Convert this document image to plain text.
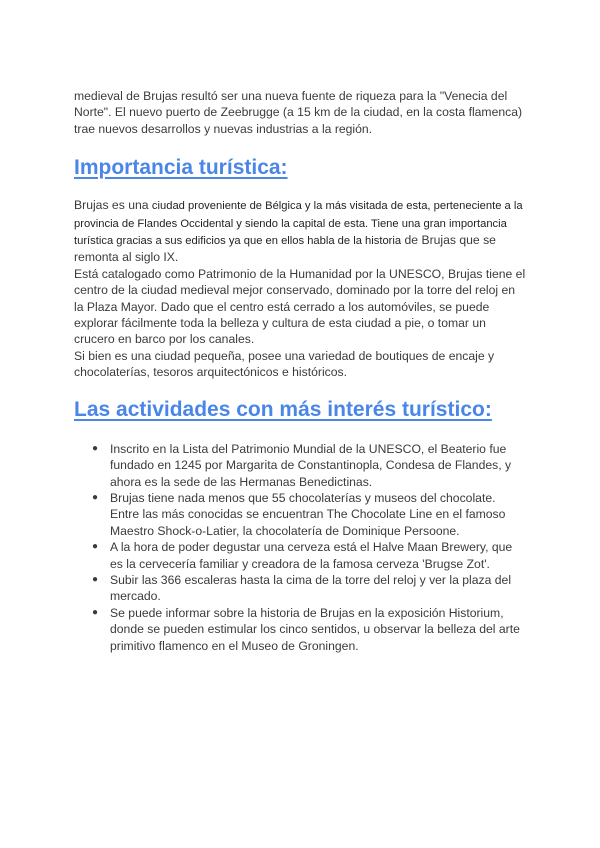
medieval de Brujas resultó ser una nueva fuente de riqueza para la "Venecia del Norte". El nuevo puerto de Zeebrugge (a 15 km de la ciudad, en la costa flamenca) trae nuevos desarrollos y nuevas industrias a la región.

Importancia turística:

Brujas es una ciudad proveniente de Bélgica y la más visitada de esta, perteneciente a la provincia de Flandes Occidental y siendo la capital de esta. Tiene una gran importancia turística gracias a sus edificios ya que en ellos habla de la historia de Brujas que se remonta al siglo IX.

Está catalogado como Patrimonio de la Humanidad por la UNESCO, Brujas tiene el centro de la ciudad medieval mejor conservado, dominado por la torre del reloj en la Plaza Mayor. Dado que el centro está cerrado a los automóviles, se puede explorar fácilmente toda la belleza y cultura de esta ciudad a pie, o tomar un crucero en barco por los canales.

Si bien es una ciudad pequeña, posee una variedad de boutiques de encaje y chocolaterías, tesoros arquitectónicos e históricos.

Las actividades con más interés turístico:
● Inscrito en la Lista del Patrimonio Mundial de la UNESCO, el Beaterio fue fundado en 1245 por Margarita de Constantinopla, Condesa de Flandes, y ahora es la sede de las Hermanas Benedictinas.
● Brujas tiene nada menos que 55 chocolaterías y museos del chocolate. Entre las más conocidas se encuentran The Chocolate Line en el famoso Maestro Shock-o-Latier, la chocolatería de Dominique Persoone.
● A la hora de poder degustar una cerveza está el Halve Maan Brewery, que es la cervecería familiar y creadora de la famosa cerveza 'Brugse Zot'.
● Subir las 366 escaleras hasta la cima de la torre del reloj y ver la plaza del mercado.
● Se puede informar sobre la historia de Brujas en la exposición Historium, donde se pueden estimular los cinco sentidos, u observar la belleza del arte primitivo flamenco en el Museo de Groningen.
